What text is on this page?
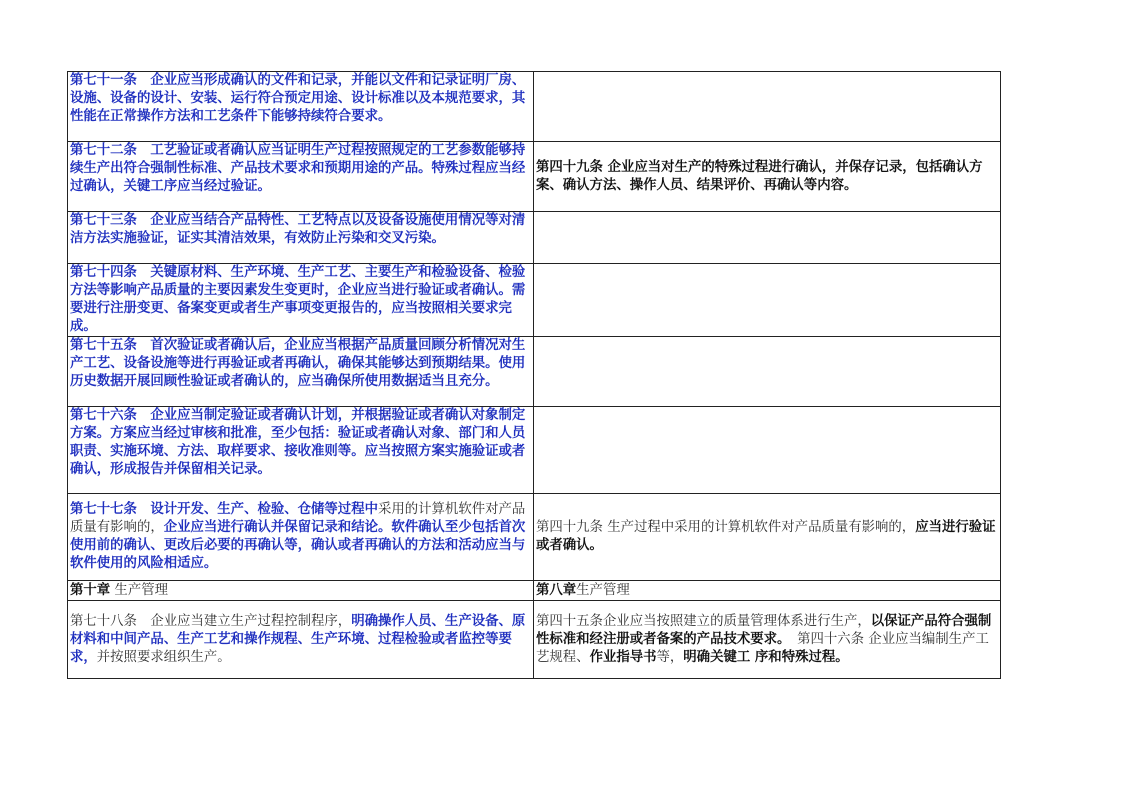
第七十一条　企业应当形成确认的文件和记录，并能以文件和记录证明厂房、设施、设备的设计、安装、运行符合预定用途、设计标准以及本规范要求，其性能在正常操作方法和工艺条件下能够持续符合要求。	
第七十二条　工艺验证或者确认应当证明生产过程按照规定的工艺参数能够持续生产出符合强制性标准、产品技术要求和预期用途的产品。特殊过程应当经过确认，关键工序应当经过验证。	第四十九条 企业应当对生产的特殊过程进行确认，并保存记录，包括确认方案、确认方法、操作人员、结果评价、再确认等内容。
第七十三条　企业应当结合产品特性、工艺特点以及设备设施使用情况等对清洁方法实施验证，证实其清洁效果，有效防止污染和交叉污染。	
第七十四条　关键原材料、生产环境、生产工艺、主要生产和检验设备、检验方法等影响产品质量的主要因素发生变更时，企业应当进行验证或者确认。需要进行注册变更、备案变更或者生产事项变更报告的，应当按照相关要求完成。	
第七十五条　首次验证或者确认后，企业应当根据产品质量回顾分析情况对生产工艺、设备设施等进行再验证或者再确认，确保其能够达到预期结果。使用历史数据开展回顾性验证或者确认的，应当确保所使用数据适当且充分。	
第七十六条　企业应当制定验证或者确认计划，并根据验证或者确认对象制定方案。方案应当经过审核和批准，至少包括：验证或者确认对象、部门和人员职责、实施环境、方法、取样要求、接收准则等。应当按照方案实施验证或者确认，形成报告并保留相关记录。	
第七十七条　设计开发、生产、检验、仓储等过程中采用的计算机软件对产品质量有影响的，企业应当进行确认并保留记录和结论。软件确认至少包括首次使用前的确认、更改后必要的再确认等，确认或者再确认的方法和活动应当与软件使用的风险相适应。	第四十九条 生产过程中采用的计算机软件对产品质量有影响的，应当进行验证或者确认。
第十章 生产管理	第八章生产管理
第七十八条　企业应当建立生产过程控制程序，明确操作人员、生产设备、原材料和中间产品、生产工艺和操作规程、生产环境、过程检验或者监控等要求，并按照要求组织生产。	第四十五条企业应当按照建立的质量管理体系进行生产，以保证产品符合强制性标准和经注册或者备案的产品技术要求。　第四十六条 企业应当编制生产工艺规程、作业指导书等，明确关键工 序和特殊过程。
